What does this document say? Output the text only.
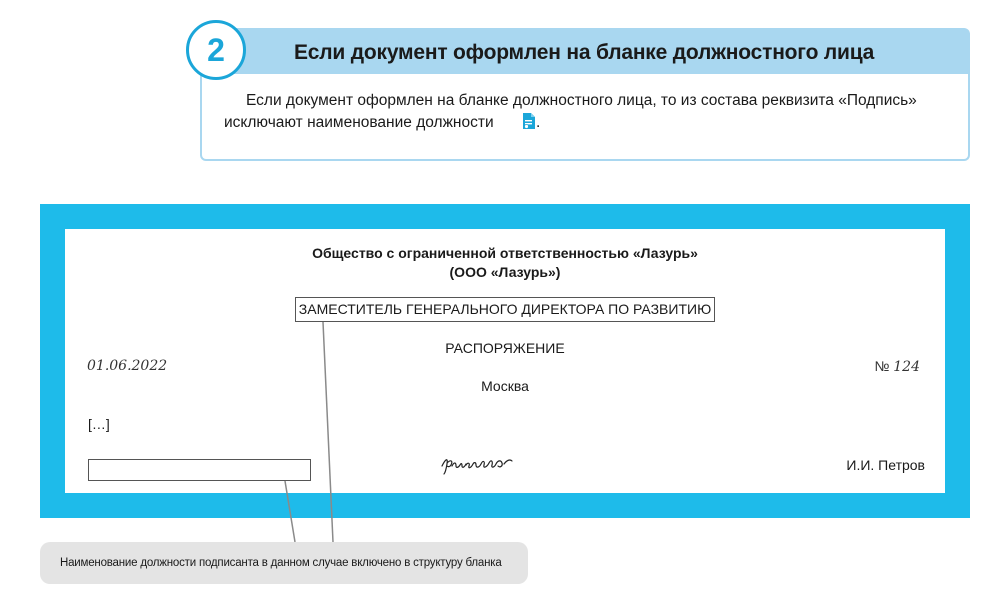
2	Если документ оформлен на бланке должностного лица
Если документ оформлен на бланке должностного лица, то из состава реквизита «Подпись» исключают наименование должности	.
Общество с ограниченной ответственностью «Лазурь»
(ООО «Лазурь»)
ЗАМЕСТИТЕЛЬ ГЕНЕРАЛЬНОГО ДИРЕКТОРА ПО РАЗВИТИЮ
РАСПОРЯЖЕНИЕ
01.06.2022	№ 124
Москва
[…]
И.И. Петров
Наименование должности подписанта в данном случае включено в структуру бланка
